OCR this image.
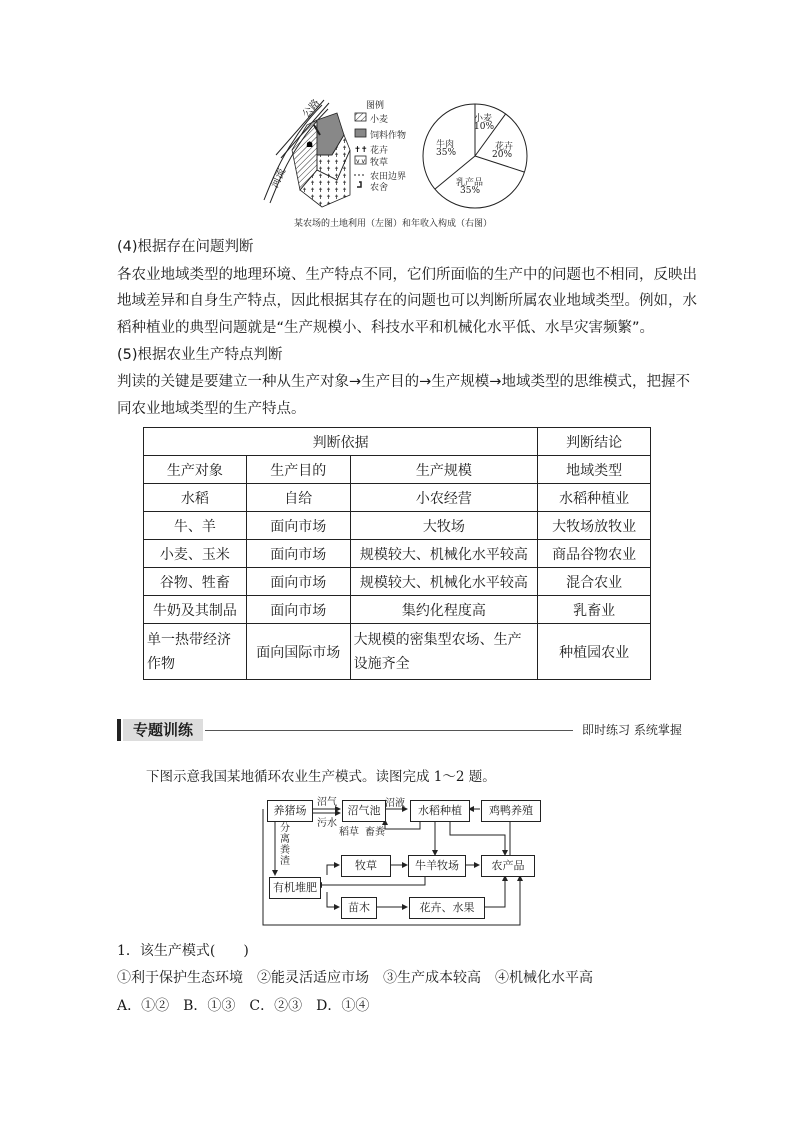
☗
✝✝
v v
公路
河流
图例
小麦
饲料作物
花卉
牧草
农田边界
农舍
小麦
10%
花卉
20%
乳产品
35%
牛肉
35%
某农场的土地利用（左图）和年收入构成（右图）
(4)根据存在问题判断
各农业地域类型的地理环境、生产特点不同，它们所面临的生产中的问题也不相同，反映出
地域差异和自身生产特点，因此根据其存在的问题也可以判断所属农业地域类型。例如，水
稻种植业的典型问题就是“生产规模小、科技水平和机械化水平低、水旱灾害频繁”。
(5)根据农业生产特点判断
判读的关键是要建立一种从生产对象→生产目的→生产规模→地域类型的思维模式，把握不
同农业地域类型的生产特点。
判断依据			判断结论
生产对象	生产目的	生产规模	地域类型
水稻	自给	小农经营	水稻种植业
牛、羊	面向市场	大牧场	大牧场放牧业
小麦、玉米	面向市场	规模较大、机械化水平较高	商品谷物农业
谷物、牲畜	面向市场	规模较大、机械化水平较高	混合农业
牛奶及其制品	面向市场	集约化程度高	乳畜业
单一热带经济作物	面向国际市场	大规模的密集型农场、生产设施齐全	种植园农业
专题训练	即时练习 系统掌握
下图示意我国某地循环农业生产模式。读图完成 1～2 题。
养猪场	沼气池	水稻种植	鸡鸭养殖
牧草	牛羊牧场	农产品
有机堆肥
苗木	花卉、水果
沼气
污水
沼液
稻草 畜粪
分离粪渣
1．该生产模式(　　)
①利于保护生态环境　②能灵活适应市场　③生产成本较高　④机械化水平高
A．①②　B．①③　C．②③　D．①④
